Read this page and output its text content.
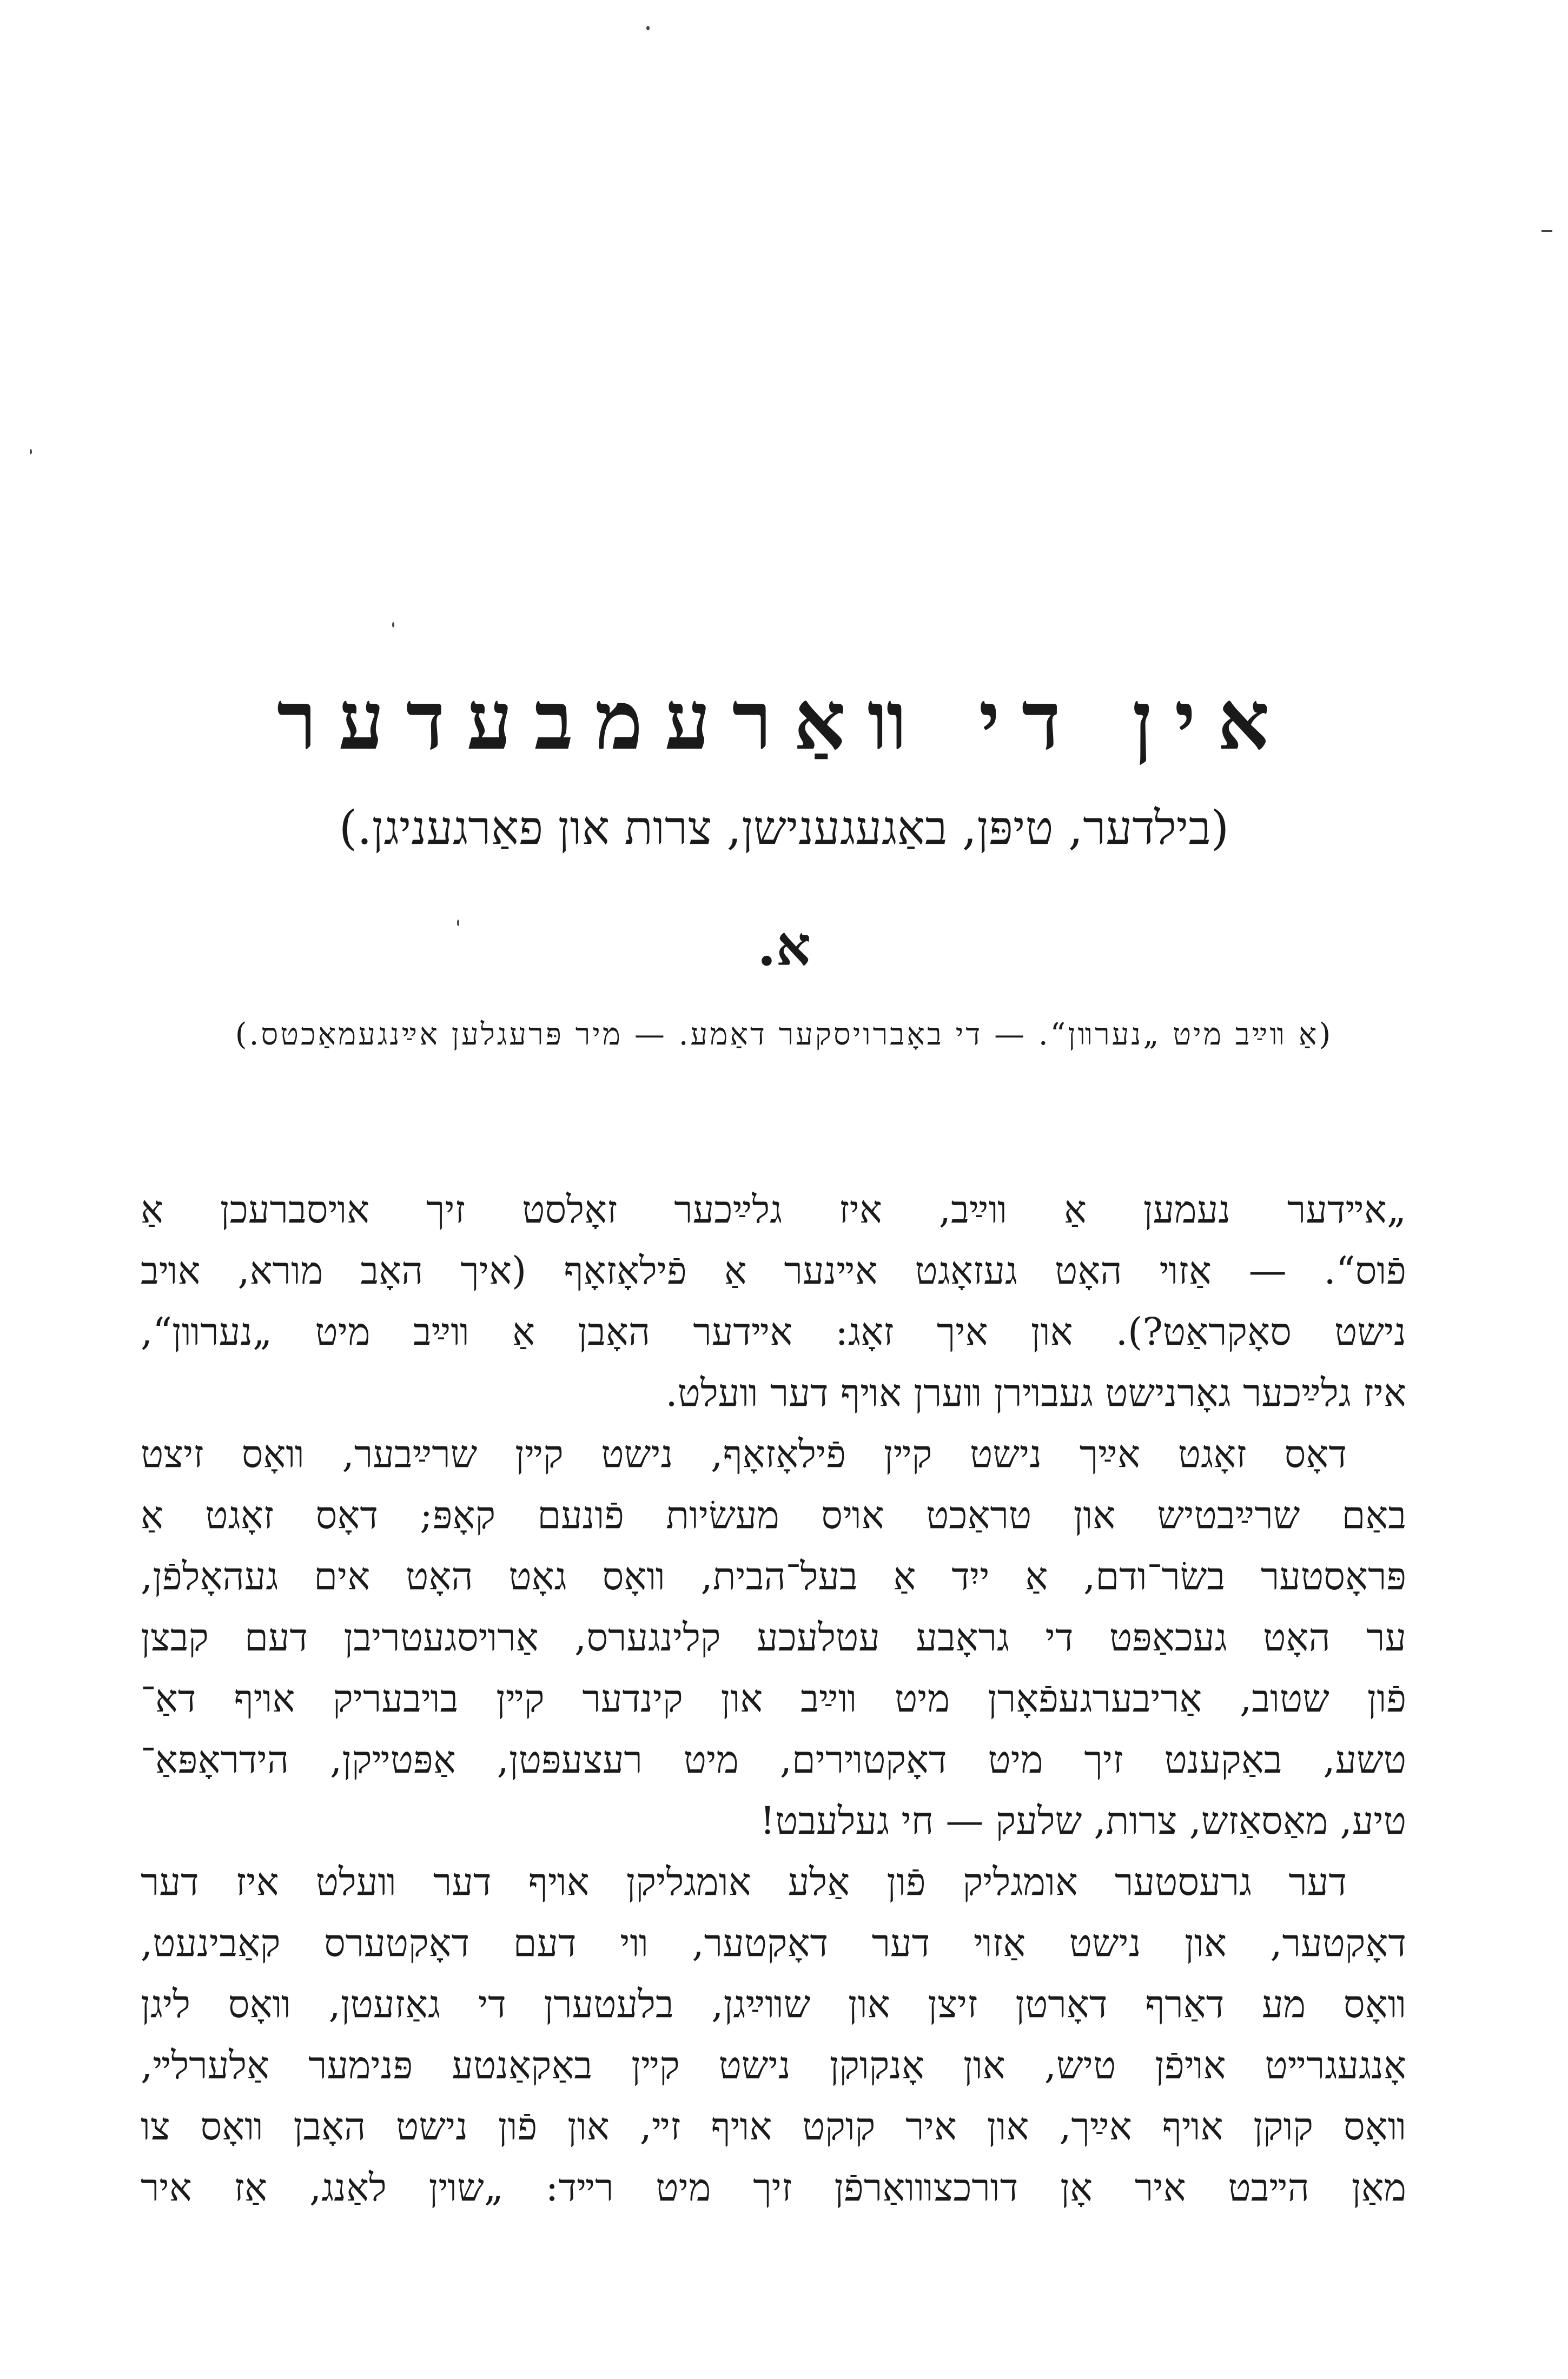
אין די װאַרעמבעדער
(בילדער, טיפּן, באַגעגענישן, צרות און פאַרגעניגן.)
א.
(אַ װײַב מיט „נערװן“. — די באָברויסקער דאַמע. — מיר פּרעגלען אײַנגעמאַכטס.)

„אײדער נעמען אַ װײַב, איז גלײַכער זאָלסט זיך אױסברעכן אַ
פֿוס“. — אַזױ האָט געזאָגט אײנער אַ פֿילאָזאָף (איך האָב מורא, אױב
נישט סאָקראַט?). און איך זאָג: אײדער האָבן אַ װײַב מיט „נערװן“,
איז גלײַכער גאָרנישט געבױרן װערן אױף דער װעלט.

דאָס זאָגט אײַך נישט קײן פֿילאָזאָף, נישט קײן שרײַבער, װאָס זיצט
באַם שרײַבטיש און טראַכט אױס מעשׂיות פֿונעם קאָפּ; דאָס זאָגט אַ
פּראָסטער בשׂר־ודם, אַ ייִד אַ בעל־הבית, װאָס גאָט האָט אים געהאָלפֿן,
ער האָט געכאַפּט די גראָבע עטלעכע קלינגערס, אַרױסגעטריבן דעם קבצן
פֿון שטוב, אַריבערגעפֿאָרן מיט װײַב און קינדער קײן בױבעריק אױף דאַ־
טשע, באַקענט זיך מיט דאָקטױרים, מיט רעצעפּטן, אַפּטײקן, הידראָפּאַ־
טיע, מאַסאַזש, צרות, שלעק — חי געלעבט!

דער גרעסטער אומגליק פֿון אַלע אומגליקן אױף דער װעלט איז דער
דאָקטער, און נישט אַזױ דער דאָקטער, װי דעם דאָקטערס קאַבינעט,
װאָס מע דאַרף דאָרטן זיצן און שװײַגן, בלעטערן די גאַזעטן, װאָס ליגן
אָנגעגרײט אױפֿן טיש, און אָנקוקן נישט קײן באַקאַנטע פּנימער אַלערלײ,
װאָס קוקן אױף אײַך, און איר קוקט אױף זײ, און פֿון נישט האָבן װאָס צו
מאַן הײבט איר אָן דורכצװואַרפֿן זיך מיט רײד: „שױן לאַנג, אַז איר
